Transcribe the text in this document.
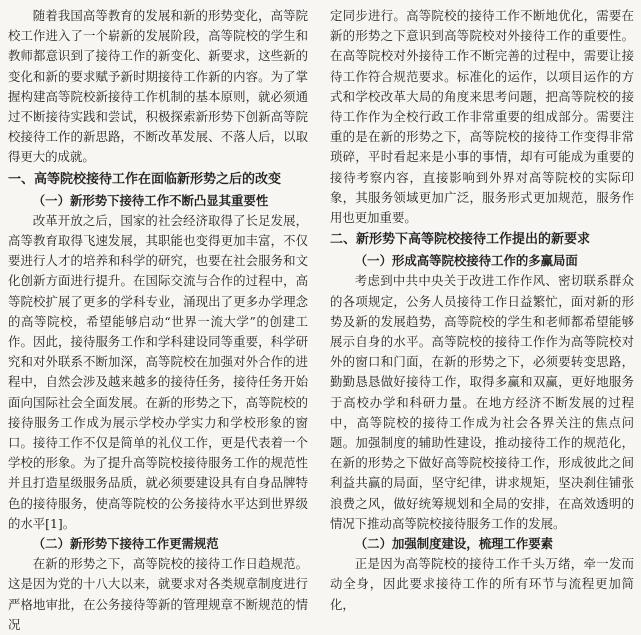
随着我国高等教育的发展和新的形势变化，高等院校工作进入了一个崭新的发展阶段，高等院校的学生和教师都意识到了接待工作的新变化、新要求，这些新的变化和新的要求赋予新时期接待工作新的内容。为了掌握构建高等院校新接待工作机制的基本原则，就必须通过不断接待实践和尝试，积极探索新形势下创新高等院校接待工作的新思路，不断改革发展、不落人后，以取得更大的成就。

一、高等院校接待工作在面临新形势之后的改变
（一）新形势下接待工作不断凸显其重要性

改革开放之后，国家的社会经济取得了长足发展，高等教育取得飞速发展，其职能也变得更加丰富，不仅要进行人才的培养和科学的研究，也要在社会服务和文化创新方面进行提升。在国际交流与合作的过程中，高等院校扩展了更多的学科专业，涌现出了更多办学理念的高等院校，希望能够启动“世界一流大学”的创建工作。因此，接待服务工作和学科建设同等重要，科学研究和对外联系不断加深，高等院校在加强对外合作的进程中，自然会涉及越来越多的接待任务，接待任务开始面向国际社会全面发展。在新的形势之下，高等院校的接待服务工作成为展示学校办学实力和学校形象的窗口。接待工作不仅是简单的礼仪工作，更是代表着一个学校的形象。为了提升高等院校接待服务工作的规范性并且打造星级服务品质，就必须要建设具有自身品牌特色的接待服务，使高等院校的公务接待水平达到世界级的水平[1]。

（二）新形势下接待工作更需规范

在新的形势之下，高等院校的接待工作日趋规范。这是因为党的十八大以来，就要求对各类规章制度进行严格地审批，在公务接待等新的管理规章不断规范的情况

定同步进行。高等院校的接待工作不断地优化，需要在新的形势之下意识到高等院校对外接待工作的重要性。在高等院校对外接待工作不断完善的过程中，需要让接待工作符合规范要求。标准化的运作，以项目运作的方式和学校改革大局的角度来思考问题，把高等院校的接待工作作为全校行政工作非常重要的组成部分。需要注重的是在新的形势之下，高等院校的接待工作变得非常琐碎，平时看起来是小事的事情，却有可能成为重要的接待考察内容，直接影响到外界对高等院校的实际印象，其服务领域更加广泛，服务形式更加规范，服务作用也更加重要。

二、新形势下高等院校接待工作提出的新要求
（一）形成高等院校接待工作的多赢局面

考虑到中共中央关于改进工作作风、密切联系群众的各项规定，公务人员接待工作日益繁忙，面对新的形势及新的发展趋势，高等院校的学生和老师都希望能够展示自身的水平。高等院校的接待工作作为高等院校对外的窗口和门面，在新的形势之下，必须要转变思路，勤勤恳恳做好接待工作，取得多赢和双赢，更好地服务于高校办学和科研力量。在地方经济不断发展的过程中，高等院校的接待工作成为社会各界关注的焦点问题。加强制度的辅助性建设，推动接待工作的规范化，在新的形势之下做好高等院校接待工作，形成彼此之间利益共赢的局面，坚守纪律，讲求规矩，坚决刹住铺张浪费之风，做好统筹规划和全局的安排，在高效透明的情况下推动高等院校接待服务工作的发展。

（二）加强制度建设，梳理工作要素

正是因为高等院校的接待工作千头万绪，牵一发而动全身，因此要求接待工作的所有环节与流程更加简化，
